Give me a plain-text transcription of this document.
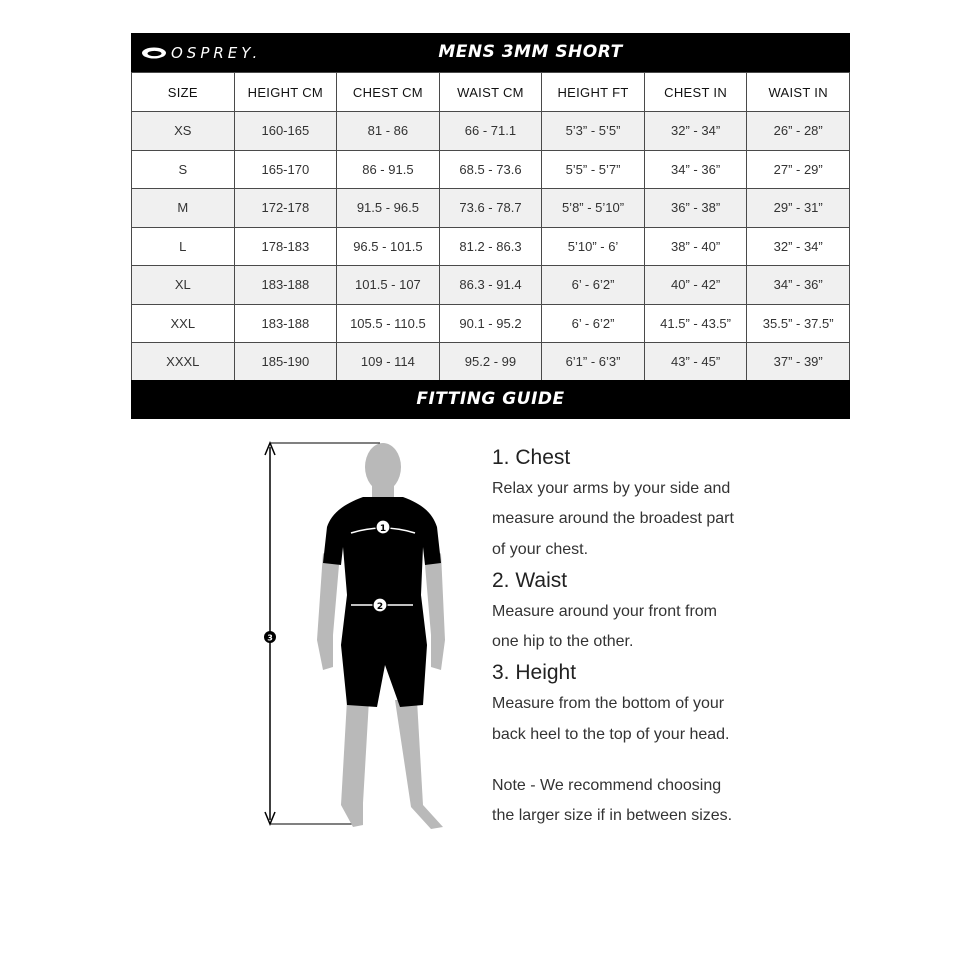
OSPREY.	MENS 3MM SHORT
SIZE	HEIGHT CM	CHEST CM	WAIST CM	HEIGHT FT	CHEST IN	WAIST IN
XS	160-165	81 - 86	66 - 71.1	5’3” - 5’5”	32” - 34”	26” - 28”
S	165-170	86 - 91.5	68.5 - 73.6	5’5” - 5’7”	34” - 36”	27” - 29”
M	172-178	91.5 - 96.5	73.6 - 78.7	5’8” - 5’10”	36” - 38”	29” - 31”
L	178-183	96.5 - 101.5	81.2 - 86.3	5’10” - 6’	38” - 40”	32” - 34”
XL	183-188	101.5 - 107	86.3 - 91.4	6’ - 6’2”	40” - 42”	34” - 36”
XXL	183-188	105.5 - 110.5	90.1 - 95.2	6’ - 6’2”	41.5” - 43.5”	35.5” - 37.5”
XXXL	185-190	109 - 114	95.2 - 99	6’1” - 6’3”	43” - 45”	37” - 39”
FITTING GUIDE
1
2
3

1. Chest

Relax your arms by your side and

measure around the broadest part

of your chest.

2. Waist

Measure around your front from

one hip to the other.

3. Height

Measure from the bottom of your

back heel to the top of your head.

Note - We recommend choosing

the larger size if in between sizes.
